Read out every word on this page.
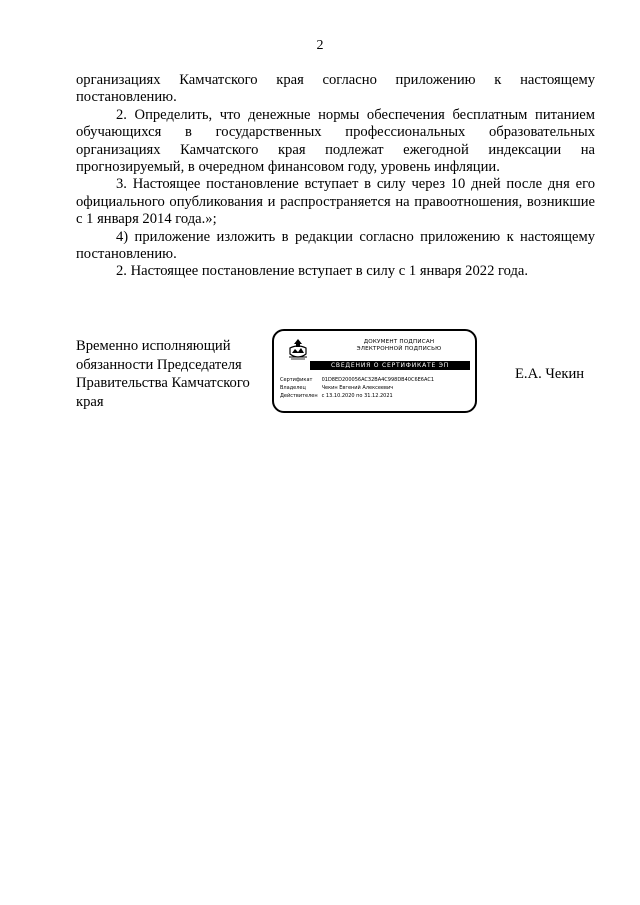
2

организациях Камчатского края согласно приложению к настоящему постановлению.

2. Определить, что денежные нормы обеспечения бесплатным питанием обучающихся в государственных профессиональных образовательных организациях Камчатского края подлежат ежегодной индексации на прогнозируемый, в очередном финансовом году, уровень инфляции.

3. Настоящее постановление вступает в силу через 10 дней после дня его официального опубликования и распространяется на правоотношения, возникшие с 1 января 2014 года.»;

4) приложение изложить в редакции согласно приложению к настоящему постановлению.

2. Настоящее постановление вступает в силу с 1 января 2022 года.

Временно исполняющий
обязанности Председателя
Правительства Камчатского
края
ДОКУМЕНТ ПОДПИСАН
ЭЛЕКТРОННОЙ ПОДПИСЬЮ
СВЕДЕНИЯ О СЕРТИФИКАТЕ ЭП
Сертификат 01D8ED200056AC32BA4C998DB40C6E6AC1
Владелец	Чекин Евгений Алексеевич
Действителен с 13.10.2020 по 31.12.2021
Е.А. Чекин
